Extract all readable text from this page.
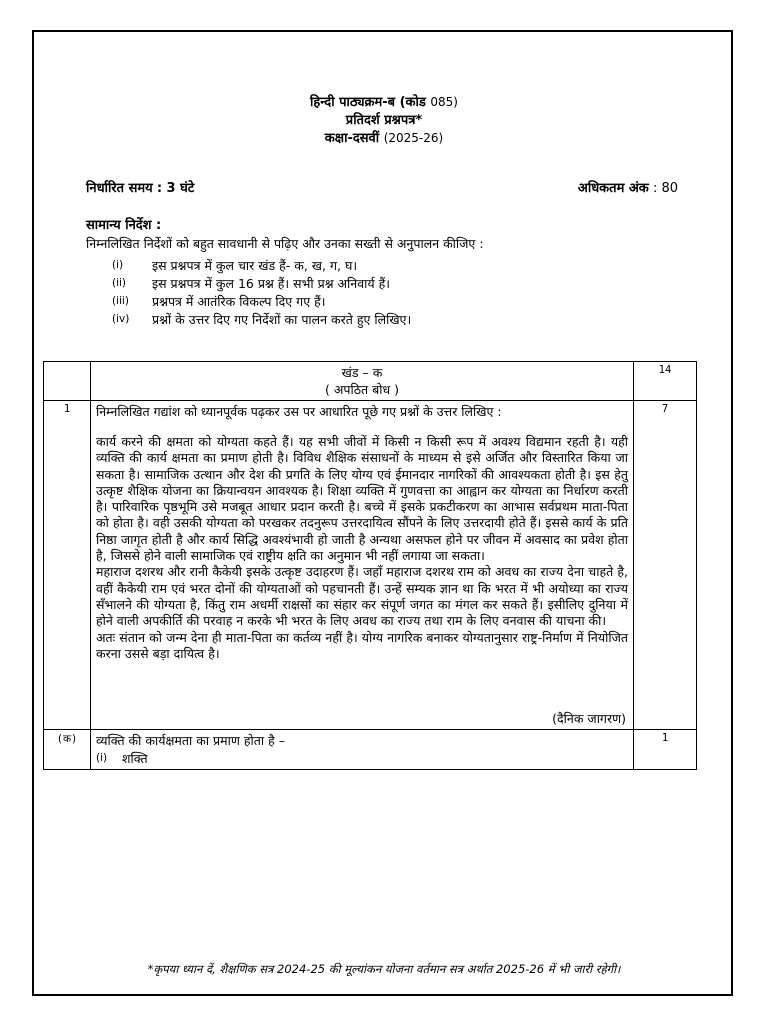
हिन्दी पाठ्यक्रम-ब (कोड 085)
प्रतिदर्श प्रश्नपत्र*
कक्षा-दसवीं (2025-26)
निर्धारित समय : 3 घंटे	अधिकतम अंक : 80
सामान्य निर्देश :
निम्नलिखित निर्देशों को बहुत सावधानी से पढ़िए और उनका सख्ती से अनुपालन कीजिए :
(i)	इस प्रश्नपत्र में कुल चार खंड हैं- क, ख, ग, घ।
(ii)	इस प्रश्नपत्र में कुल 16 प्रश्न हैं। सभी प्रश्न अनिवार्य हैं।
(iii)	प्रश्नपत्र में आतंरिक विकल्प दिए गए हैं।
(iv)	प्रश्नों के उत्तर दिए गए निर्देशों का पालन करते हुए लिखिए।

	खंड – क
( अपठित बोध )	14
1	निम्नलिखित गद्यांश को ध्यानपूर्वक पढ़कर उस पर आधारित पूछे गए प्रश्नों के उत्तर लिखिए :

कार्य करने की क्षमता को योग्यता कहते हैं। यह सभी जीवों में किसी न किसी रूप में अवश्य विद्यमान रहती है। यही व्यक्ति की कार्य क्षमता का प्रमाण होती है। विविध शैक्षिक संसाधनों के माध्यम से इसे अर्जित और विस्तारित किया जा सकता है। सामाजिक उत्थान और देश की प्रगति के लिए योग्य एवं ईमानदार नागरिकों की आवश्यकता होती है। इस हेतु उत्कृष्ट शैक्षिक योजना का क्रियान्वयन आवश्यक है। शिक्षा व्यक्ति में गुणवत्ता का आह्वान कर योग्यता का निर्धारण करती है। पारिवारिक पृष्ठभूमि उसे मजबूत आधार प्रदान करती है। बच्चे में इसके प्रकटीकरण का आभास सर्वप्रथम माता-पिता को होता है। वही उसकी योग्यता को परखकर तदनुरूप उत्तरदायित्व सौंपने के लिए उत्तरदायी होते हैं। इससे कार्य के प्रति निष्ठा जागृत होती है और कार्य सिद्धि अवश्यंभावी हो जाती है अन्यथा असफल होने पर जीवन में अवसाद का प्रवेश होता है, जिससे होने वाली सामाजिक एवं राष्ट्रीय क्षति का अनुमान भी नहीं लगाया जा सकता।

महाराज दशरथ और रानी कैकेयी इसके उत्कृष्ट उदाहरण हैं। जहाँ महाराज दशरथ राम को अवध का राज्य देना चाहते है, वहीं कैकेयी राम एवं भरत दोनों की योग्यताओं को पहचानती हैं। उन्हें सम्यक ज्ञान था कि भरत में भी अयोध्या का राज्य सँभालने की योग्यता है, किंतु राम अधर्मी राक्षसों का संहार कर संपूर्ण जगत का मंगल कर सकते हैं। इसीलिए दुनिया में होने वाली अपकीर्ति की परवाह न करके भी भरत के लिए अवध का राज्य तथा राम के लिए वनवास की याचना की।

अतः संतान को जन्म देना ही माता-पिता का कर्तव्य नहीं है। योग्य नागरिक बनाकर योग्यतानुसार राष्ट्र-निर्माण में नियोजित करना उससे बड़ा दायित्व है।

(दैनिक जागरण)	7
(क)	व्यक्ति की कार्यक्षमता का प्रमाण होता है –
(i) शक्ति	1
*कृपया ध्यान दें, शैक्षणिक सत्र 2024-25 की मूल्यांकन योजना वर्तमान सत्र अर्थात 2025-26 में भी जारी रहेगी।
